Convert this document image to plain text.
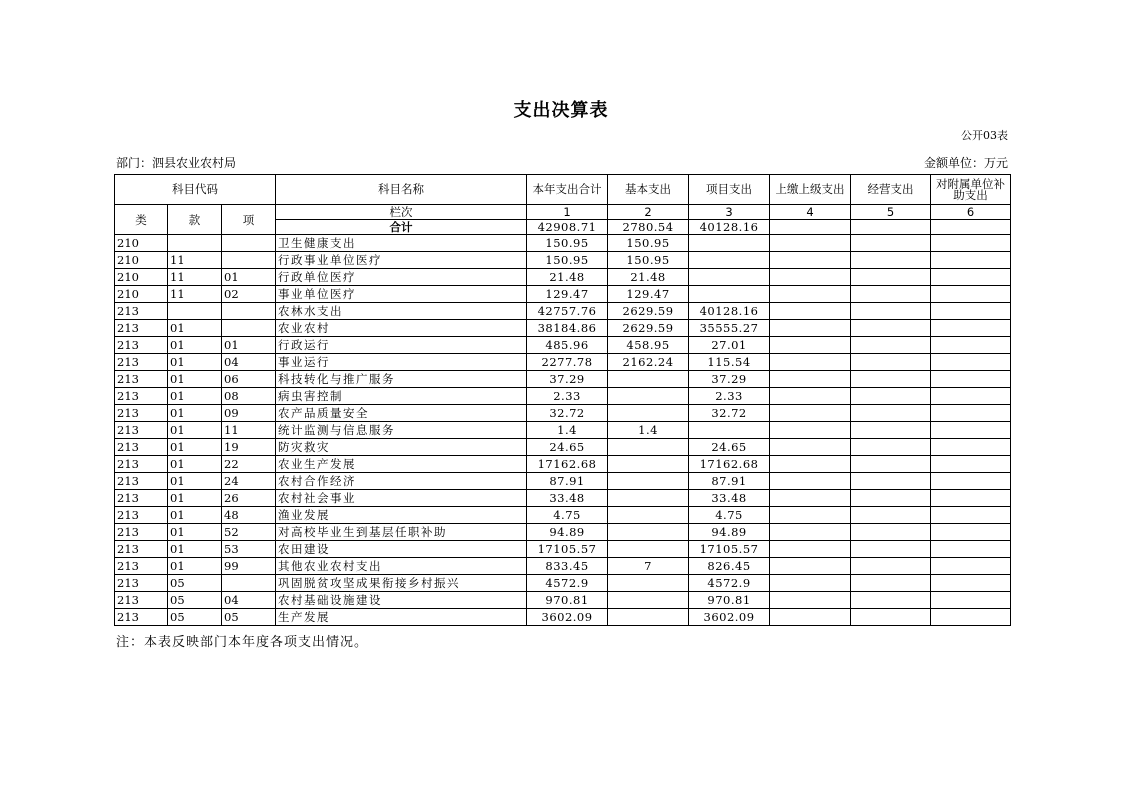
支出决算表
公开03表
部门：泗县农业农村局	金额单位：万元
科目代码			科目名称	本年支出合计	基本支出	项目支出	上缴上级支出	经营支出	对附属单位补助支出
类	款	项	栏次	1	2	3	4	5	6
			合计	42908.71	2780.54	40128.16			
210			卫生健康支出	150.95	150.95				
210	11		行政事业单位医疗	150.95	150.95				
210	11	01	行政单位医疗	21.48	21.48				
210	11	02	事业单位医疗	129.47	129.47				
213			农林水支出	42757.76	2629.59	40128.16			
213	01		农业农村	38184.86	2629.59	35555.27			
213	01	01	行政运行	485.96	458.95	27.01			
213	01	04	事业运行	2277.78	2162.24	115.54			
213	01	06	科技转化与推广服务	37.29		37.29			
213	01	08	病虫害控制	2.33		2.33			
213	01	09	农产品质量安全	32.72		32.72			
213	01	11	统计监测与信息服务	1.4	1.4				
213	01	19	防灾救灾	24.65		24.65			
213	01	22	农业生产发展	17162.68		17162.68			
213	01	24	农村合作经济	87.91		87.91			
213	01	26	农村社会事业	33.48		33.48			
213	01	48	渔业发展	4.75		4.75			
213	01	52	对高校毕业生到基层任职补助	94.89		94.89			
213	01	53	农田建设	17105.57		17105.57			
213	01	99	其他农业农村支出	833.45	7	826.45			
213	05		巩固脱贫攻坚成果衔接乡村振兴	4572.9		4572.9			
213	05	04	农村基础设施建设	970.81		970.81			
213	05	05	生产发展	3602.09		3602.09			
注：本表反映部门本年度各项支出情况。
